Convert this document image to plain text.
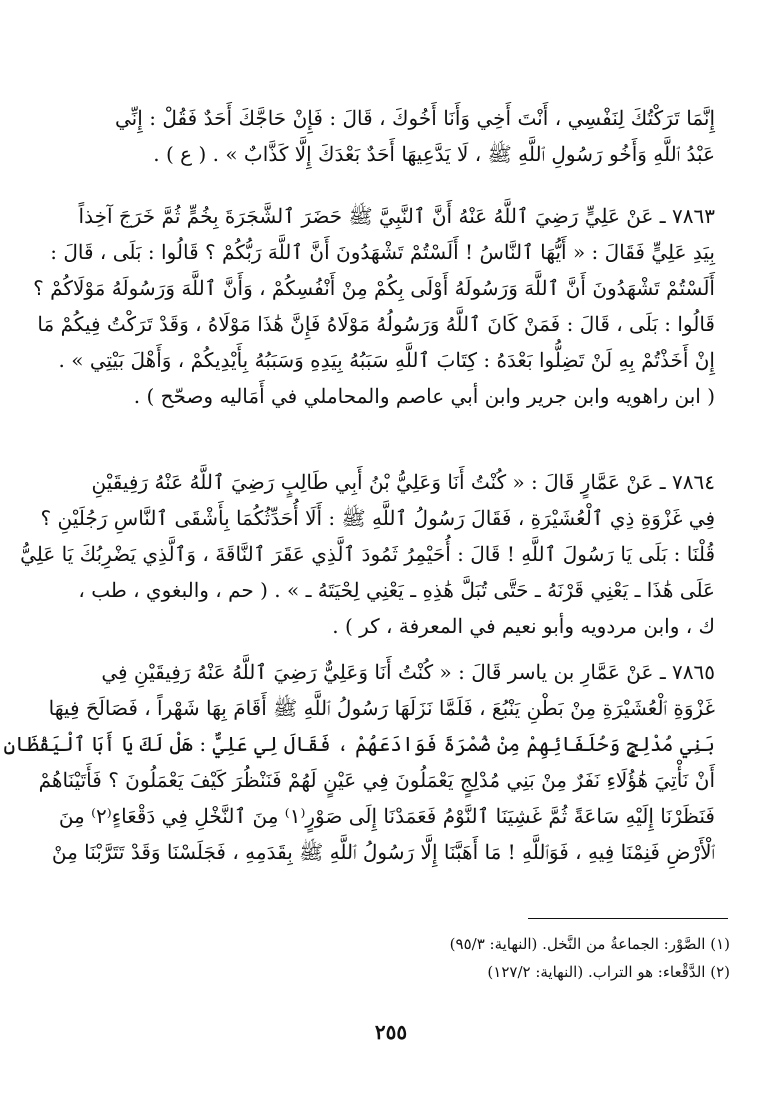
إِنَّمَا تَرَكْتُكَ لِنَفْسِي ، أَنْتَ أَخِي وَأَنَا أَخُوكَ ، قَالَ : فَإِنْ حَاجَّكَ أَحَدٌ فَقُلْ : إِنِّي
عَبْدُ ٱللَّهِ وَأَخُو رَسُولِ ٱللَّهِ ﷺ ، لَا يَدَّعِيهَا أَحَدٌ بَعْدَكَ إِلَّا كَذَّابٌ » . ( ع ) .
٧٨٦٣ ـ عَنْ عَلِيٍّ رَضِيَ ٱللَّهُ عَنْهُ أَنَّ ٱلنَّبِيَّ ﷺ حَضَرَ ٱلشَّجَرَةَ بِخُمٍّ ثُمَّ خَرَجَ آخِذاً
بِيَدِ عَلِيٍّ فَقَالَ : « أَيُّهَا ٱلنَّاسُ ! أَلَسْتُمْ تَشْهَدُونَ أَنَّ ٱللَّهَ رَبُّكُمْ ؟ قَالُوا : بَلَى ، قَالَ :
أَلَسْتُمْ تَشْهَدُونَ أَنَّ ٱللَّهَ وَرَسُولَهُ أَوْلَى بِكُمْ مِنْ أَنْفُسِكُمْ ، وَأَنَّ ٱللَّهَ وَرَسُولَهُ مَوْلَاكُمْ ؟
قَالُوا : بَلَى ، قَالَ : فَمَنْ كَانَ ٱللَّهُ وَرَسُولُهُ مَوْلَاهُ فَإِنَّ هَٰذَا مَوْلَاهُ ، وَقَدْ تَرَكْتُ فِيكُمْ مَا
إِنْ أَخَذْتُمْ بِهِ لَنْ تَضِلُّوا بَعْدَهُ : كِتَابَ ٱللَّهِ سَبَبُهُ بِيَدِهِ وَسَبَبُهُ بِأَيْدِيكُمْ ، وَأَهْلَ بَيْتِي » .
( ابن راهويه وابن جرير وابن أبي عاصم والمحاملي في أَمَاليه وصحّح ) .
٧٨٦٤ ـ عَنْ عَمَّارٍ قَالَ : « كُنْتُ أَنَا وَعَلِيُّ بْنُ أَبِي طَالِبٍ رَضِيَ ٱللَّهُ عَنْهُ رَفِيقَيْنِ
فِي غَزْوَةِ ذِي ٱلْعُشَيْرَةِ ، فَقَالَ رَسُولُ ٱللَّهِ ﷺ : أَلَا أُحَدِّثُكُمَا بِأَشْقَى ٱلنَّاسِ رَجُلَيْنِ ؟
قُلْنَا : بَلَى يَا رَسُولَ ٱللَّهِ ! قَالَ : أُحَيْمِرُ ثَمُودَ ٱلَّذِي عَقَرَ ٱلنَّاقَةَ ، وَٱلَّذِي يَضْرِبُكَ يَا عَلِيُّ
عَلَى هَٰذَا ـ يَعْنِي قَرْنَهُ ـ حَتَّى تُبَلَّ هَٰذِهِ ـ يَعْنِي لِحْيَتَهُ ـ » . ( حم ، والبغوي ، طب ،
ك ، وابن مردويه وأبو نعيم في المعرفة ، كر ) .
٧٨٦٥ ـ عَنْ عَمَّارِ بن ياسر قَالَ : « كُنْتُ أَنَا وَعَلِيٌّ رَضِيَ ٱللَّهُ عَنْهُ رَفِيقَيْنِ فِي
غَزْوَةِ ٱلْعُشَيْرَةِ مِنْ بَطْنِ يَنْبُعَ ، فَلَمَّا نَزَلَهَا رَسُولُ ٱللَّهِ ﷺ أَقَامَ بِهَا شَهْراً ، فَصَالَحَ فِيهَا
بَنِي مُدْلِجٍ وَحُلَفَائِهِمْ مِنْ ضُمْرَةَ فَوَادَعَهُمْ ، فَقَالَ لِي عَلِيٌّ : هَلْ لَكَ يَا أَبَا ٱلْيَقْظَانِ
أَنْ نَأْتِيَ هَٰؤُلَاءِ نَفَرٌ مِنْ بَنِي مُدْلِجٍ يَعْمَلُونَ فِي عَيْنٍ لَهُمْ فَنَنْظُرَ كَيْفَ يَعْمَلُونَ ؟ فَأَتَيْنَاهُمْ
فَنَظَرْنَا إِلَيْهِ سَاعَةً ثُمَّ غَشِيَنَا ٱلنَّوْمُ فَعَمَدْنَا إِلَى صَوْرٍ⁽١⁾ مِنَ ٱلنَّخْلِ فِي دَقْعَاءٍ⁽٢⁾ مِنَ
ٱلْأَرْضِ فَنِمْنَا فِيهِ ، فَوَٱللَّهِ ! مَا أَهَبَّنَا إِلَّا رَسُولُ ٱللَّهِ ﷺ بِقَدَمِهِ ، فَجَلَسْنَا وَقَدْ تَتَرَّبْنَا مِنْ
(١) الصَّوْر: الجماعةُ من النَّخل. (النهاية: ٩٥/٣)
(٢) الدَّقْعاء: هو التراب. (النهاية: ١٢٧/٢)
٢٥٥
